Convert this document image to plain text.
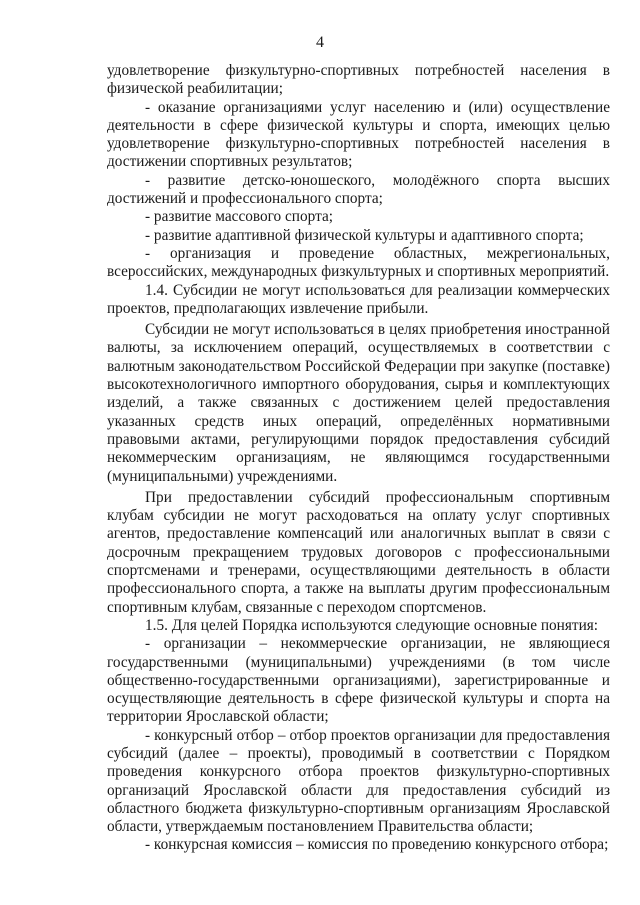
4

удовлетворение физкультурно-спортивных потребностей населения в физической реабилитации;

- оказание организациями услуг населению и (или) осуществление деятельности в сфере физической культуры и спорта, имеющих целью удовлетворение физкультурно-спортивных потребностей населения в достижении спортивных результатов;

- развитие детско-юношеского, молодёжного спорта высших достижений и профессионального спорта;

- развитие массового спорта;

- развитие адаптивной физической культуры и адаптивного спорта;

- организация и проведение областных, межрегиональных, всероссийских, международных физкультурных и спортивных мероприятий.

1.4. Субсидии не могут использоваться для реализации коммерческих проектов, предполагающих извлечение прибыли.

Субсидии не могут использоваться в целях приобретения иностранной валюты, за исключением операций, осуществляемых в соответствии с валютным законодательством Российской Федерации при закупке (поставке) высокотехнологичного импортного оборудования, сырья и комплектующих изделий, а также связанных с достижением целей предоставления указанных средств иных операций, определённых нормативными правовыми актами, регулирующими порядок предоставления субсидий некоммерческим организациям, не являющимся государственными (муниципальными) учреждениями.

При предоставлении субсидий профессиональным спортивным клубам субсидии не могут расходоваться на оплату услуг спортивных агентов, предоставление компенсаций или аналогичных выплат в связи с досрочным прекращением трудовых договоров с профессиональными спортсменами и тренерами, осуществляющими деятельность в области профессионального спорта, а также на выплаты другим профессиональным спортивным клубам, связанные с переходом спортсменов.

1.5. Для целей Порядка используются следующие основные понятия:

- организации – некоммерческие организации, не являющиеся государственными (муниципальными) учреждениями (в том числе общественно-государственными организациями), зарегистрированные и осуществляющие деятельность в сфере физической культуры и спорта на территории Ярославской области;

- конкурсный отбор – отбор проектов организации для предоставления субсидий (далее – проекты), проводимый в соответствии с Порядком проведения конкурсного отбора проектов физкультурно-спортивных организаций Ярославской области для предоставления субсидий из областного бюджета физкультурно-спортивным организациям Ярославской области, утверждаемым постановлением Правительства области;

- конкурсная комиссия – комиссия по проведению конкурсного отбора;
